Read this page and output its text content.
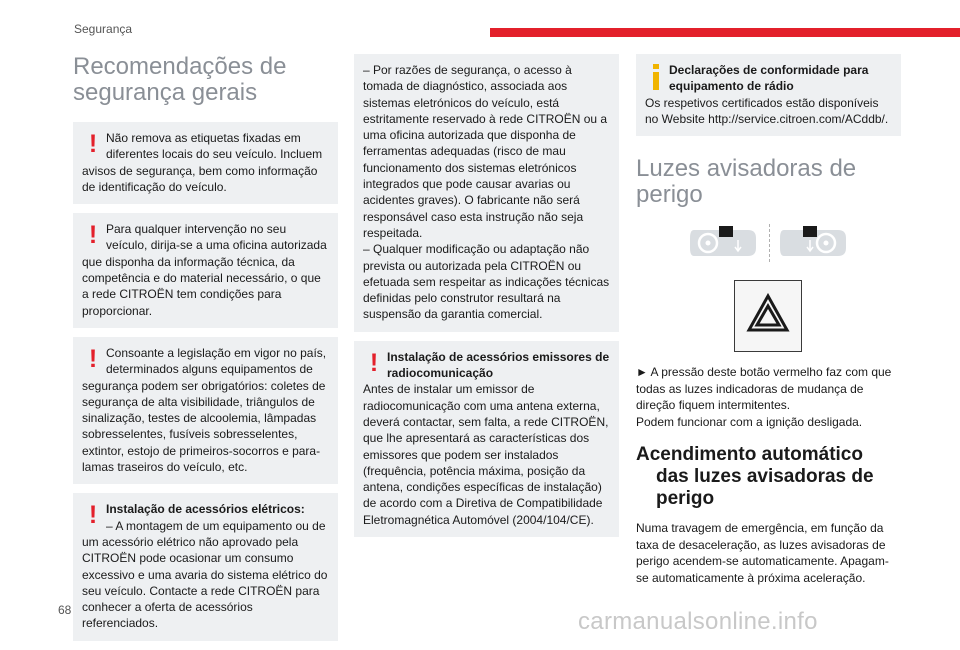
Segurança
Recomendações de
segurança gerais
! Não remova as etiquetas fixadas em diferentes locais do seu veículo. Incluem avisos de segurança, bem como informação de identificação do veículo.

! Para qualquer intervenção no seu veículo, dirija-se a uma oficina autorizada que disponha da informação técnica, da competência e do material necessário, o que a rede CITROËN tem condições para proporcionar.

! Consoante a legislação em vigor no país, determinados alguns equipamentos de segurança podem ser obrigatórios: coletes de segurança de alta visibilidade, triângulos de sinalização, testes de alcoolemia, lâmpadas sobresselentes, fusíveis sobresselentes, extintor, estojo de primeiros-socorros e para-lamas traseiros do veículo, etc.

! Instalação de acessórios elétricos:

– A montagem de um equipamento ou de um acessório elétrico não aprovado pela CITROËN pode ocasionar um consumo excessivo e uma avaria do sistema elétrico do seu veículo. Contacte a rede CITROËN para conhecer a oferta de acessórios referenciados.

– Por razões de segurança, o acesso à tomada de diagnóstico, associada aos sistemas eletrónicos do veículo, está estritamente reservado à rede CITROËN ou a uma oficina autorizada que disponha de ferramentas adequadas (risco de mau funcionamento dos sistemas eletrónicos integrados que pode causar avarias ou acidentes graves). O fabricante não será responsável caso esta instrução não seja respeitada.

– Qualquer modificação ou adaptação não prevista ou autorizada pela CITROËN ou efetuada sem respeitar as indicações técnicas definidas pelo construtor resultará na suspensão da garantia comercial.

! Instalação de acessórios emissores de radiocomunicação

Antes de instalar um emissor de radiocomunicação com uma antena externa, deverá contactar, sem falta, a rede CITROËN, que lhe apresentará as características dos emissores que podem ser instalados (frequência, potência máxima, posição da antena, condições específicas de instalação) de acordo com a Diretiva de Compatibilidade Eletromagnética Automóvel (2004/104/CE).

Declarações de conformidade para equipamento de rádio

Os respetivos certificados estão disponíveis no Website http://service.citroen.com/ACddb/.

Luzes avisadoras de
perigo

► A pressão deste botão vermelho faz com que todas as luzes indicadoras de mudança de direção fiquem intermitentes.

Podem funcionar com a ignição desligada.

Acendimento automático
das luzes avisadoras de
perigo

Numa travagem de emergência, em função da taxa de desaceleração, as luzes avisadoras de perigo acendem-se automaticamente. Apagam-se automaticamente à próxima aceleração.

68	carmanualsonline.info
